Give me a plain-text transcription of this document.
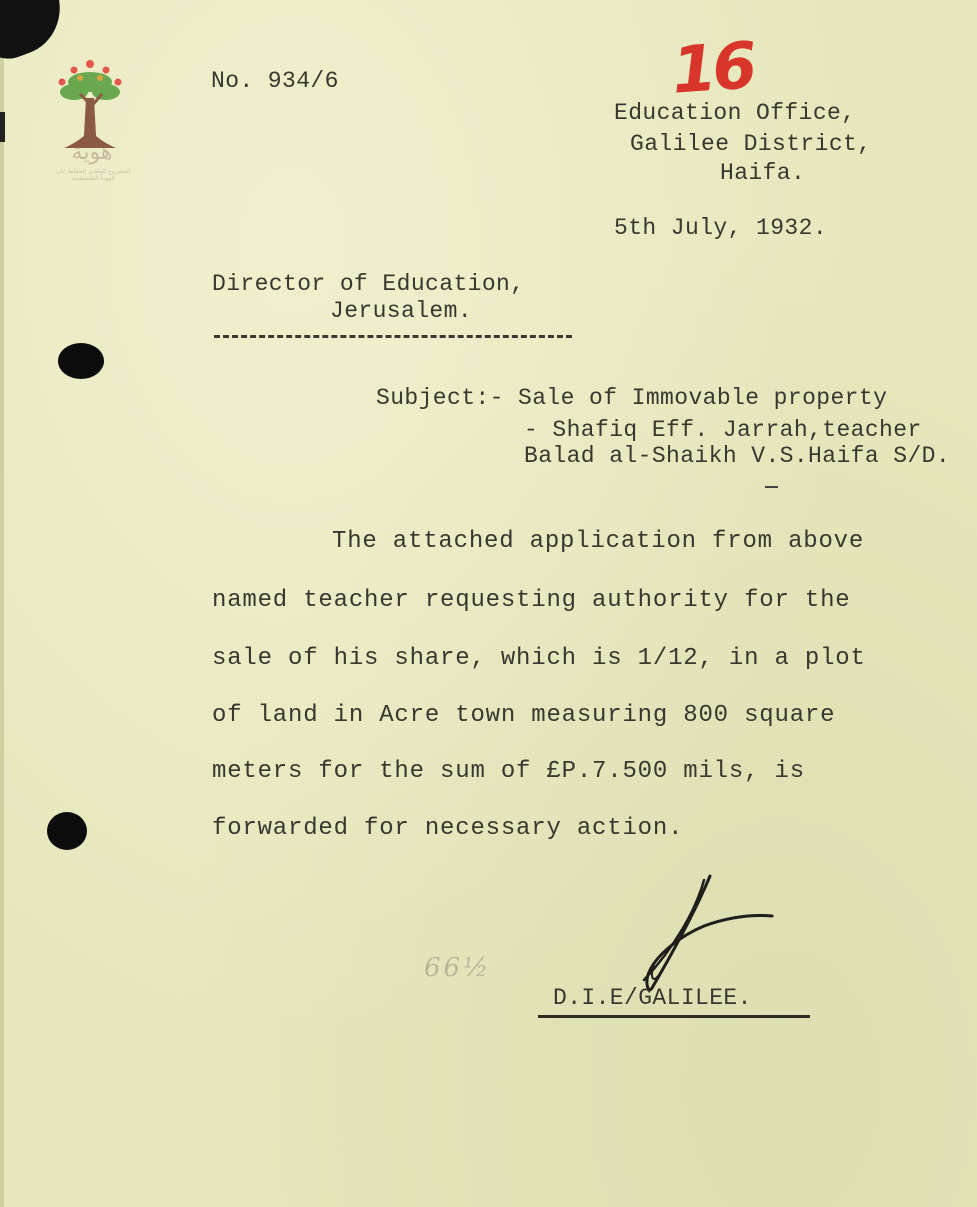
هوية
المشروع الوطني للحفاظ على الهوية الفلسطينية
16
No. 934/6
Education Office,
Galilee District,
Haifa.
5th July, 1932.
Director of Education,
Jerusalem.
Subject:- Sale of Immovable property
- Shafiq Eff. Jarrah,teacher
Balad al-Shaikh V.S.Haifa S/D.
The attached application from above
named teacher requesting authority for the
sale of his share, which is 1/12, in a plot
of land in Acre town measuring 800 square
meters for the sum of £P.7.500 mils, is
forwarded for necessary action.
66½
D.I.E/GALILEE.
